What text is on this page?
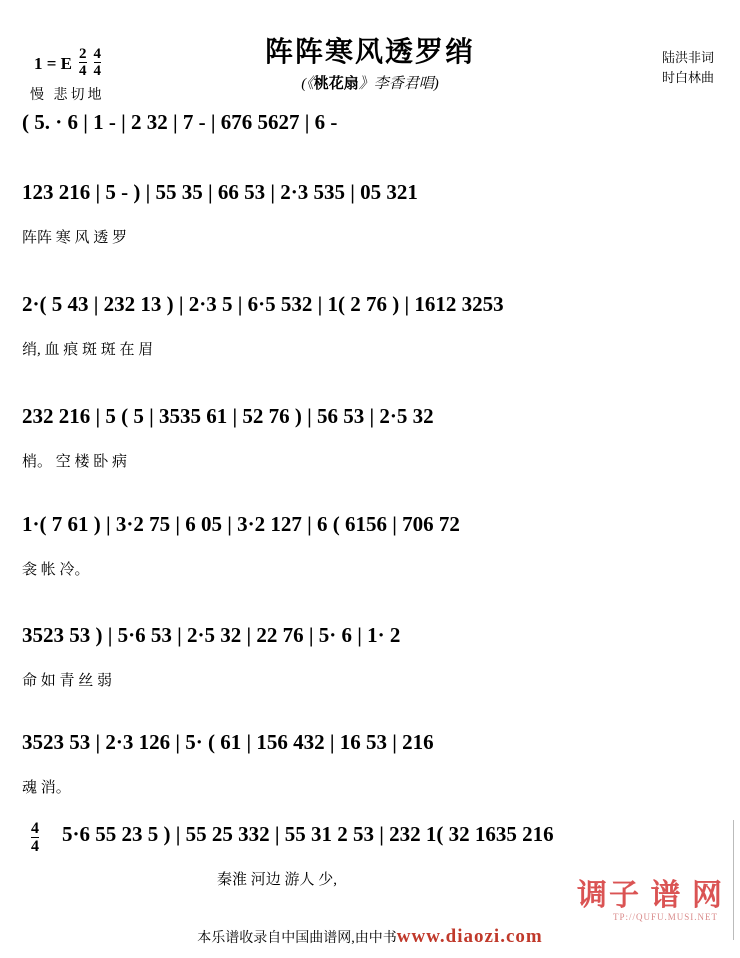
1 = E $\frac{2}{4} \frac{4}{4}$
慢 悲切地
阵阵寒风透罗绡
(《桃花扇》李香君唱)
陆洪非词
时白林曲
( 5. · 6 | 1 - | 2 32 | 7 - | 676 5627 | 6 -
123 216 | 5 - ) | 55 35 | 66 53 | 2·3 535 | 05 321
阵阵 寒 风 透 罗
2·( 5 43 | 232 13 ) | 2·3 5 | 6·5 532 | 1( 2 76 ) | 1612 3253
绡, 血 痕 斑 斑 在 眉
232 216 | 5 ( 5 | 3535 61 | 52 76 ) | 56 53 | 2·5 32
梢。 空 楼 卧 病
1·( 7 61 ) | 3·2 75 | 6 05 | 3·2 127 | 6 ( 6156 | 706 72
衾 帐 冷。
3523 53 ) | 5·6 53 | 2·5 32 | 22 76 | 5· 6 | 1· 2
命 如 青 丝 弱
3523 53 | 2·3 126 | 5· ( 61 | 156 432 | 16 53 | 216
魂 消。
5·6 55 23 5 ) | 55 25 332 | 55 31 2 53 | 232 1( 32 1635 216
秦淮 河边 游人 少,
$\frac{4}{4}$
调子 谱 网
TP://QUFU.MUSI.NET
本乐谱收录自中国曲谱网,由中书www.diaozi.com
